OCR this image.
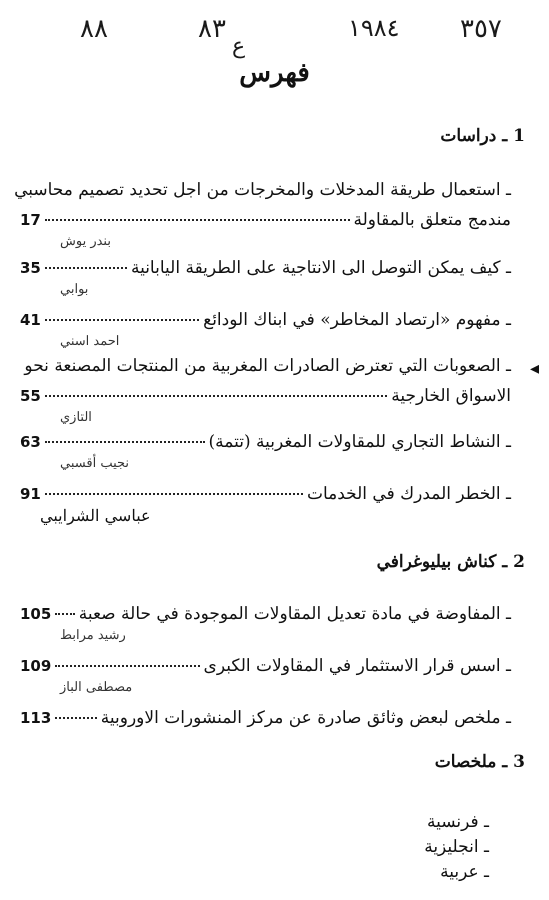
٨٨	٨٣
ع
١٩٨٤ ٣٥٧
فهرس
1 ـ دراسات
ـ استعمال طريقة المدخلات والمخرجات من اجل تحديد تصميم محاسبي
مندمج متعلق بالمقاولة
17
بندر يوش
ـ كيف يمكن التوصل الى الانتاجية على الطريقة اليابانية
35
بوابي
ـ مفهوم «ارتصاد المخاطر» في ابناك الودائع
41
احمد اسني
ـ الصعوبات التي تعترض الصادرات المغربية من المنتجات المصنعة نحو
الاسواق الخارجية
55
التازي
ـ النشاط التجاري للمقاولات المغربية (تتمة)
63
نجيب أقسبي
ـ الخطر المدرك في الخدمات
91
عباسي الشرايبي
2 ـ كناش بيليوغرافي
ـ المفاوضة في مادة تعديل المقاولات الموجودة في حالة صعبة
105
رشيد مرابط
ـ اسس قرار الاستثمار في المقاولات الكبرى
109
مصطفى الباز
ـ ملخص لبعض وثائق صادرة عن مركز المنشورات الاوروبية
113
3 ـ ملخصات
ـ فرنسية
ـ انجليزية
ـ عربية
◂
